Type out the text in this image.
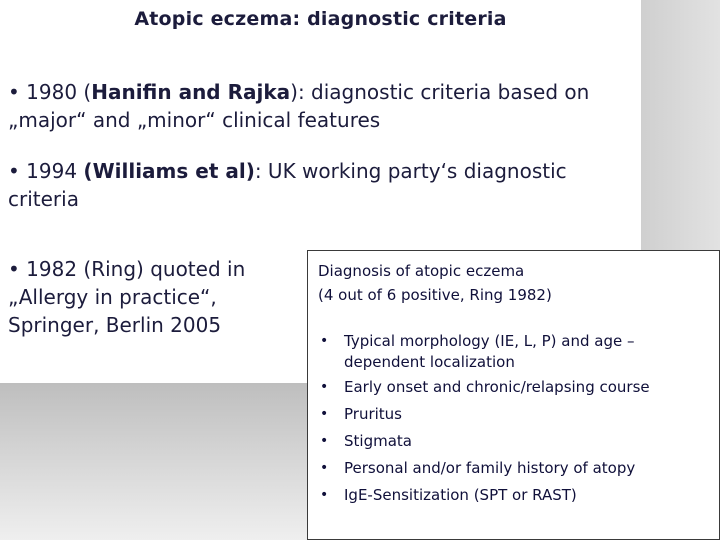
Atopic eczema: diagnostic criteria
• 1980 (Hanifin and Rajka): diagnostic criteria based on „major“ and „minor“ clinical features
• 1994 (Williams et al): UK working party‘s diagnostic criteria
• 1982 (Ring) quoted in „Allergy in practice“, Springer, Berlin 2005
Diagnosis of atopic eczema
(4 out of 6 positive, Ring 1982)
• Typical morphology (IE, L, P) and age – dependent localization
• Early onset and chronic/relapsing course
• Pruritus
• Stigmata
• Personal and/or family history of atopy
• IgE-Sensitization (SPT or RAST)
